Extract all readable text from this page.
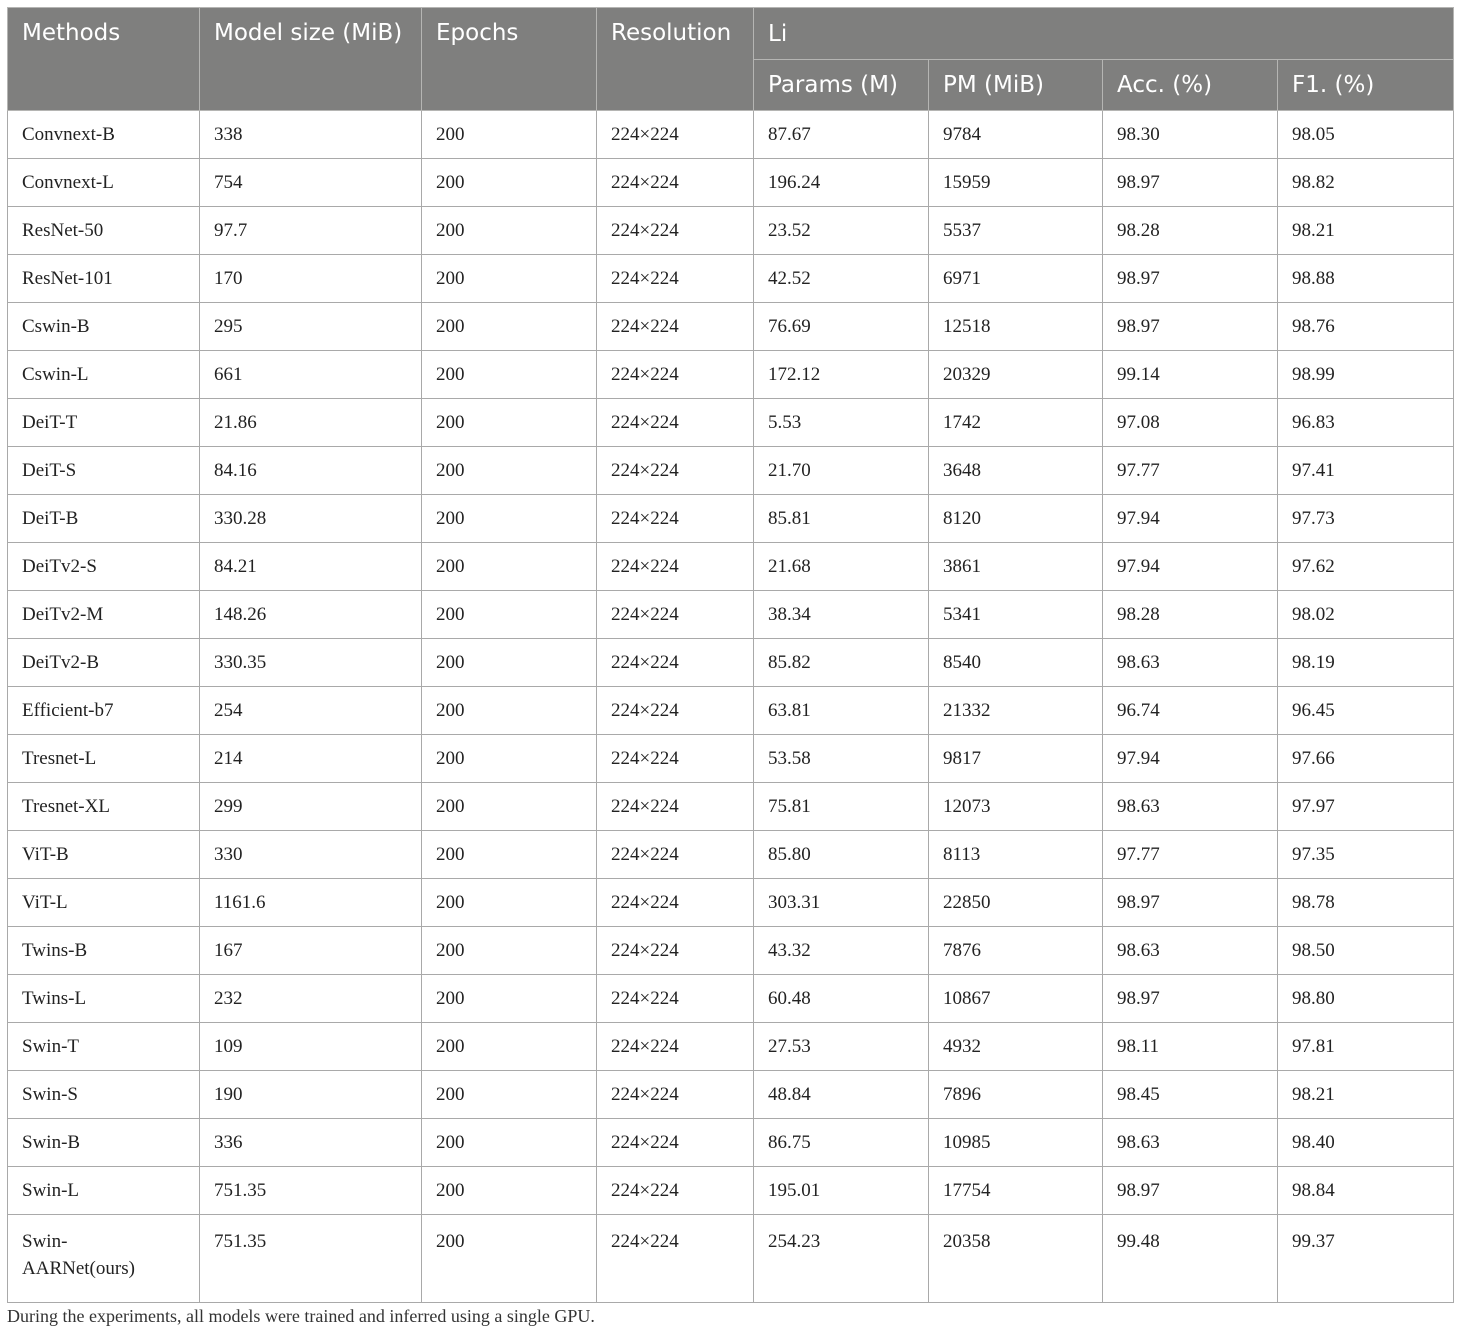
Methods	Model size (MiB)	Epochs	Resolution	Li			
				Params (M)	PM (MiB)	Acc. (%)	F1. (%)
Convnext-B	338	200	224×224	87.67	9784	98.30	98.05
Convnext-L	754	200	224×224	196.24	15959	98.97	98.82
ResNet-50	97.7	200	224×224	23.52	5537	98.28	98.21
ResNet-101	170	200	224×224	42.52	6971	98.97	98.88
Cswin-B	295	200	224×224	76.69	12518	98.97	98.76
Cswin-L	661	200	224×224	172.12	20329	99.14	98.99
DeiT-T	21.86	200	224×224	5.53	1742	97.08	96.83
DeiT-S	84.16	200	224×224	21.70	3648	97.77	97.41
DeiT-B	330.28	200	224×224	85.81	8120	97.94	97.73
DeiTv2-S	84.21	200	224×224	21.68	3861	97.94	97.62
DeiTv2-M	148.26	200	224×224	38.34	5341	98.28	98.02
DeiTv2-B	330.35	200	224×224	85.82	8540	98.63	98.19
Efficient-b7	254	200	224×224	63.81	21332	96.74	96.45
Tresnet-L	214	200	224×224	53.58	9817	97.94	97.66
Tresnet-XL	299	200	224×224	75.81	12073	98.63	97.97
ViT-B	330	200	224×224	85.80	8113	97.77	97.35
ViT-L	1161.6	200	224×224	303.31	22850	98.97	98.78
Twins-B	167	200	224×224	43.32	7876	98.63	98.50
Twins-L	232	200	224×224	60.48	10867	98.97	98.80
Swin-T	109	200	224×224	27.53	4932	98.11	97.81
Swin-S	190	200	224×224	48.84	7896	98.45	98.21
Swin-B	336	200	224×224	86.75	10985	98.63	98.40
Swin-L	751.35	200	224×224	195.01	17754	98.97	98.84
Swin-
AARNet(ours)	751.35	200	224×224	254.23	20358	99.48	99.37
During the experiments, all models were trained and inferred using a single GPU.
